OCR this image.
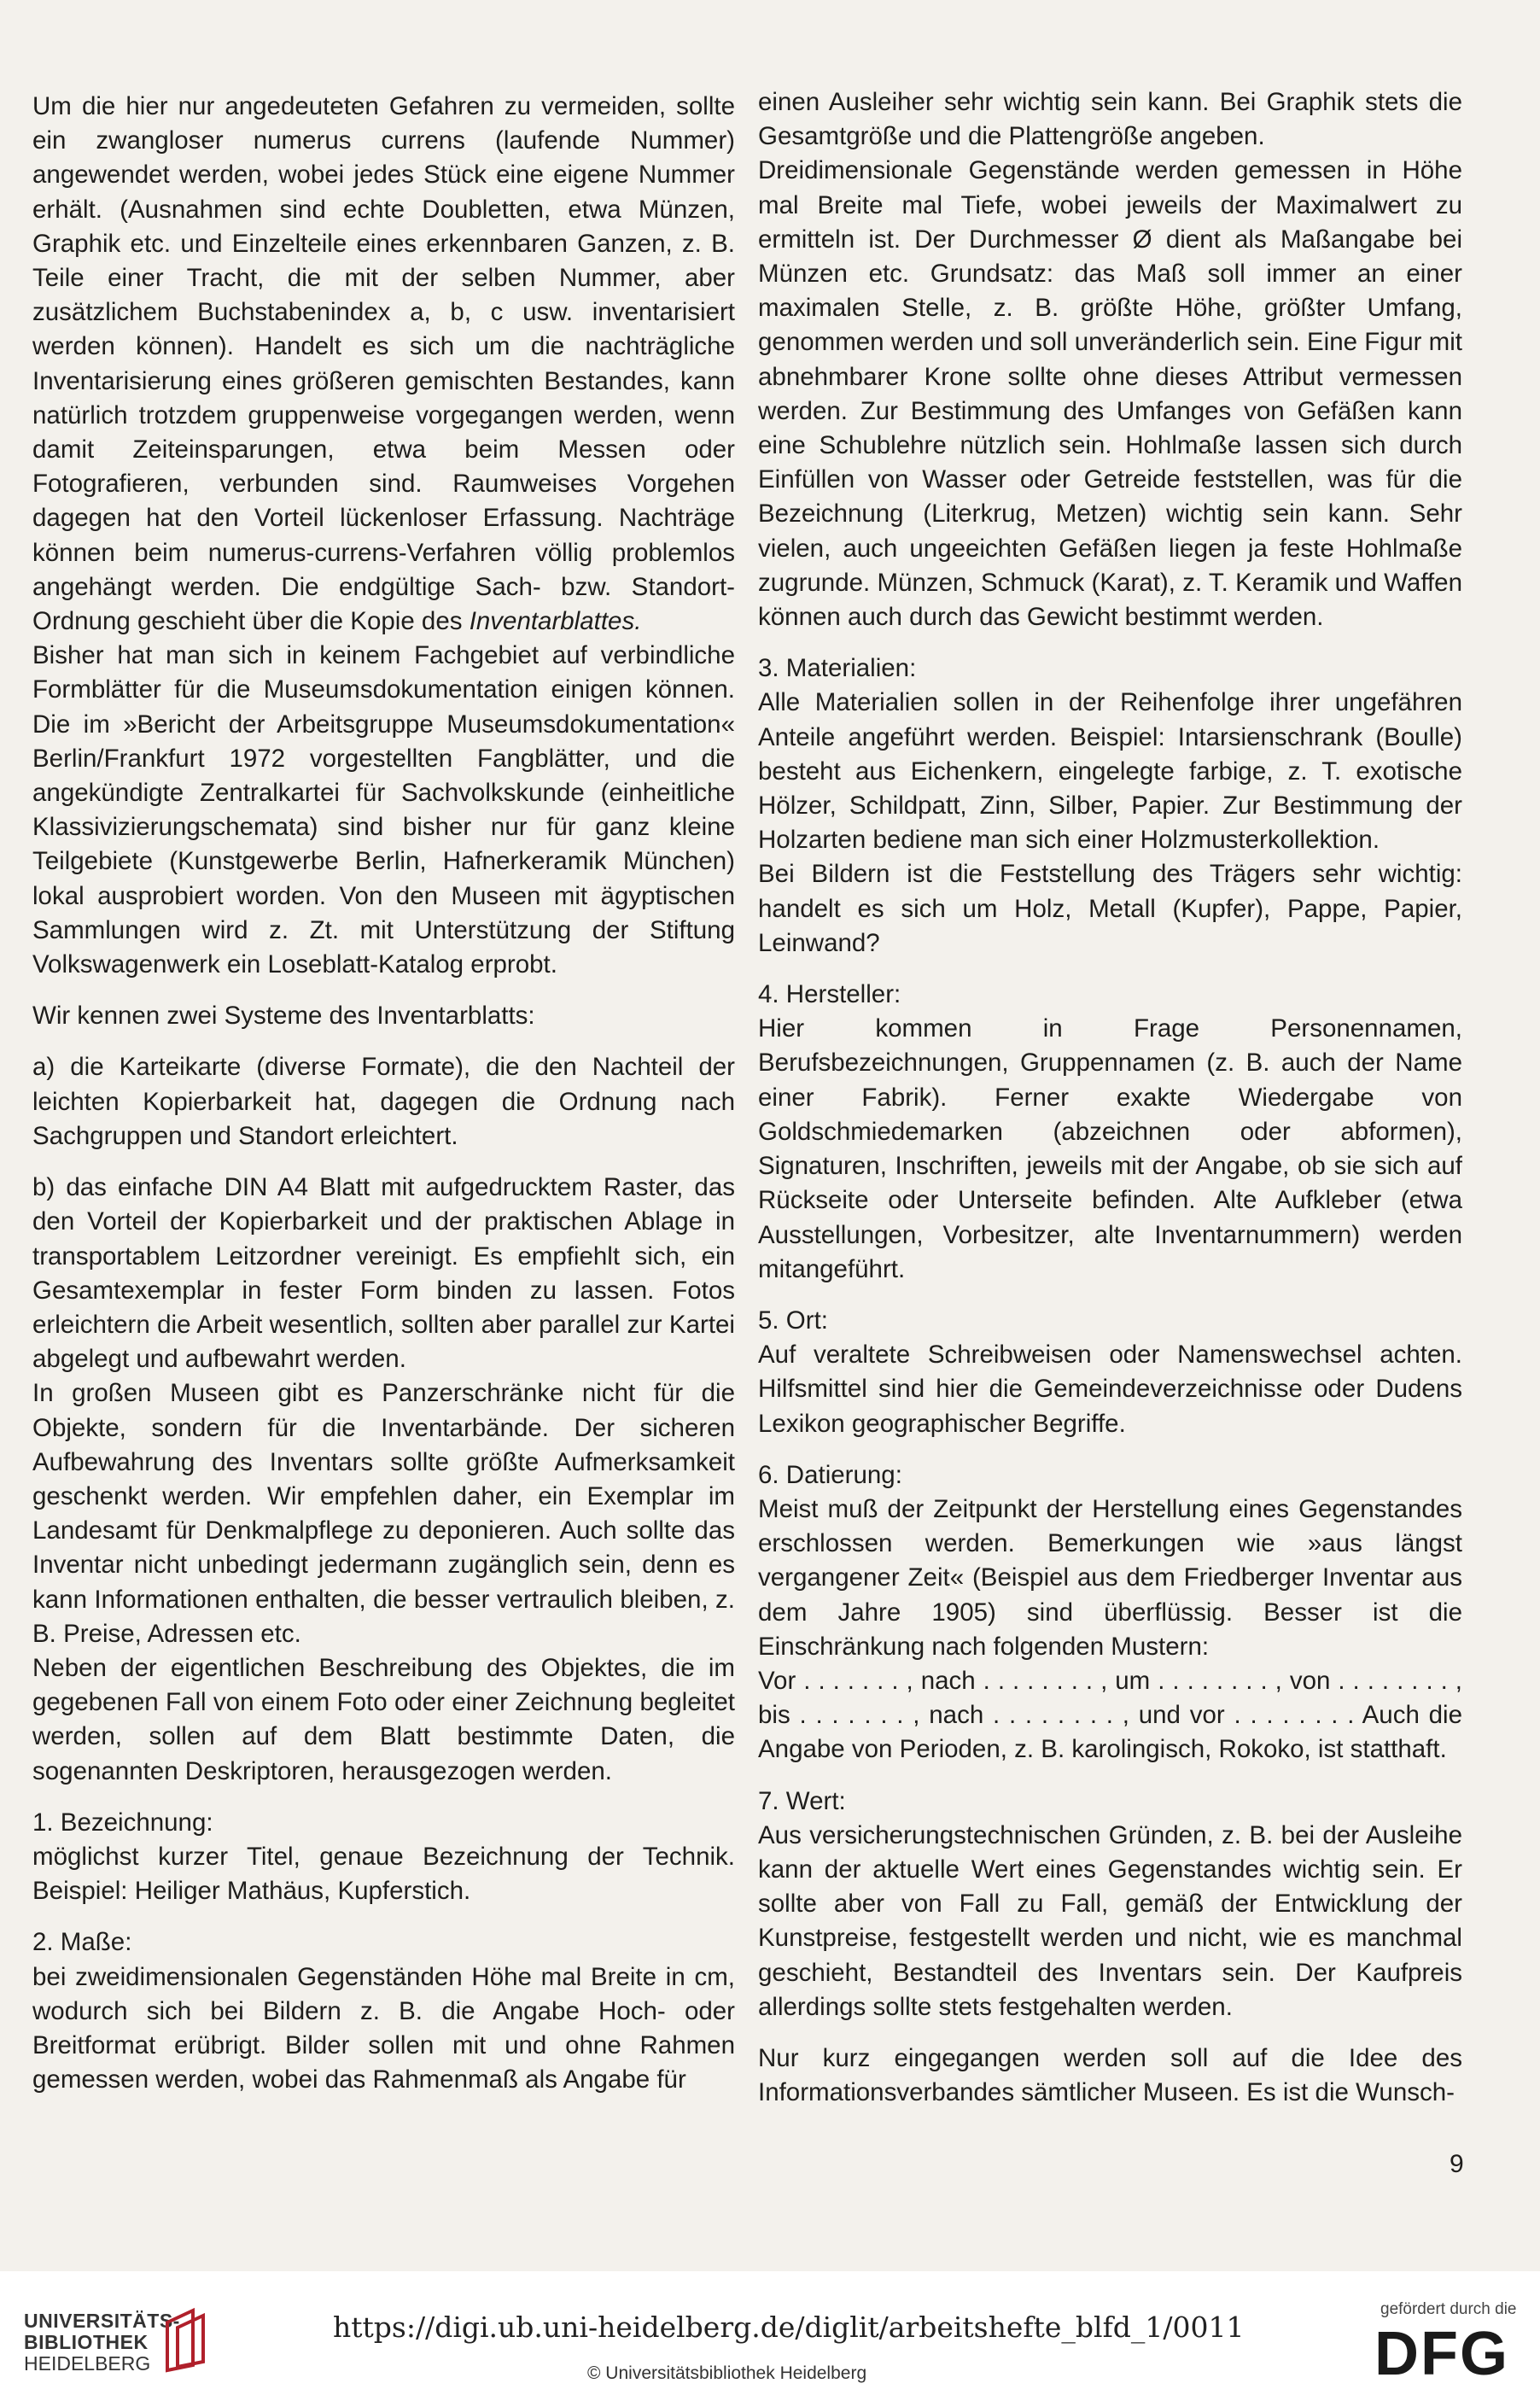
Um die hier nur angedeuteten Gefahren zu vermeiden, sollte ein zwangloser numerus currens (laufende Nummer) angewendet werden, wobei jedes Stück eine eigene Nummer erhält. (Ausnahmen sind echte Doubletten, etwa Münzen, Graphik etc. und Einzelteile eines erkennbaren Ganzen, z. B. Teile einer Tracht, die mit der selben Nummer, aber zusätzlichem Buchstabenindex a, b, c usw. inventarisiert werden können). Handelt es sich um die nachträgliche Inventarisierung eines größeren gemischten Bestandes, kann natürlich trotzdem gruppenweise vorgegangen werden, wenn damit Zeiteinsparungen, etwa beim Messen oder Fotografieren, verbunden sind. Raumweises Vorgehen dagegen hat den Vorteil lückenloser Erfassung. Nachträge können beim numerus-currens-Verfahren völlig problemlos angehängt werden. Die endgültige Sach- bzw. Standort-Ordnung geschieht über die Kopie des Inventarblattes.

Bisher hat man sich in keinem Fachgebiet auf verbindliche Formblätter für die Museumsdokumentation einigen können. Die im »Bericht der Arbeitsgruppe Museumsdokumentation« Berlin/Frankfurt 1972 vorgestellten Fangblätter, und die angekündigte Zentralkartei für Sachvolkskunde (einheitliche Klassivizierungschemata) sind bisher nur für ganz kleine Teilgebiete (Kunstgewerbe Berlin, Hafnerkeramik München) lokal ausprobiert worden. Von den Museen mit ägyptischen Sammlungen wird z. Zt. mit Unterstützung der Stiftung Volkswagenwerk ein Loseblatt-Katalog erprobt.

Wir kennen zwei Systeme des Inventarblatts:

a) die Karteikarte (diverse Formate), die den Nachteil der leichten Kopierbarkeit hat, dagegen die Ordnung nach Sachgruppen und Standort erleichtert.

b) das einfache DIN A4 Blatt mit aufgedrucktem Raster, das den Vorteil der Kopierbarkeit und der praktischen Ablage in transportablem Leitzordner vereinigt. Es empfiehlt sich, ein Gesamtexemplar in fester Form binden zu lassen. Fotos erleichtern die Arbeit wesentlich, sollten aber parallel zur Kartei abgelegt und aufbewahrt werden.

In großen Museen gibt es Panzerschränke nicht für die Objekte, sondern für die Inventarbände. Der sicheren Aufbewahrung des Inventars sollte größte Aufmerksamkeit geschenkt werden. Wir empfehlen daher, ein Exemplar im Landesamt für Denkmalpflege zu deponieren. Auch sollte das Inventar nicht unbedingt jedermann zugänglich sein, denn es kann Informationen enthalten, die besser vertraulich bleiben, z. B. Preise, Adressen etc.

Neben der eigentlichen Beschreibung des Objektes, die im gegebenen Fall von einem Foto oder einer Zeichnung begleitet werden, sollen auf dem Blatt bestimmte Daten, die sogenannten Deskriptoren, herausgezogen werden.

1. Bezeichnung:

möglichst kurzer Titel, genaue Bezeichnung der Technik. Beispiel: Heiliger Mathäus, Kupferstich.

2. Maße:

bei zweidimensionalen Gegenständen Höhe mal Breite in cm, wodurch sich bei Bildern z. B. die Angabe Hoch- oder Breitformat erübrigt. Bilder sollen mit und ohne Rahmen gemessen werden, wobei das Rahmenmaß als Angabe für

einen Ausleiher sehr wichtig sein kann. Bei Graphik stets die Gesamtgröße und die Plattengröße angeben.

Dreidimensionale Gegenstände werden gemessen in Höhe mal Breite mal Tiefe, wobei jeweils der Maximalwert zu ermitteln ist. Der Durchmesser Ø dient als Maßangabe bei Münzen etc. Grundsatz: das Maß soll immer an einer maximalen Stelle, z. B. größte Höhe, größter Umfang, genommen werden und soll unveränderlich sein. Eine Figur mit abnehmbarer Krone sollte ohne dieses Attribut vermessen werden. Zur Bestimmung des Umfanges von Gefäßen kann eine Schublehre nützlich sein. Hohlmaße lassen sich durch Einfüllen von Wasser oder Getreide feststellen, was für die Bezeichnung (Literkrug, Metzen) wichtig sein kann. Sehr vielen, auch ungeeichten Gefäßen liegen ja feste Hohlmaße zugrunde. Münzen, Schmuck (Karat), z. T. Keramik und Waffen können auch durch das Gewicht bestimmt werden.

3. Materialien:

Alle Materialien sollen in der Reihenfolge ihrer ungefähren Anteile angeführt werden. Beispiel: Intarsienschrank (Boulle) besteht aus Eichenkern, eingelegte farbige, z. T. exotische Hölzer, Schildpatt, Zinn, Silber, Papier. Zur Bestimmung der Holzarten bediene man sich einer Holzmusterkollektion.

Bei Bildern ist die Feststellung des Trägers sehr wichtig: handelt es sich um Holz, Metall (Kupfer), Pappe, Papier, Leinwand?

4. Hersteller:

Hier kommen in Frage Personennamen, Berufsbezeichnungen, Gruppennamen (z. B. auch der Name einer Fabrik). Ferner exakte Wiedergabe von Goldschmiedemarken (abzeichnen oder abformen), Signaturen, Inschriften, jeweils mit der Angabe, ob sie sich auf Rückseite oder Unterseite befinden. Alte Aufkleber (etwa Ausstellungen, Vorbesitzer, alte Inventarnummern) werden mitangeführt.

5. Ort:

Auf veraltete Schreibweisen oder Namenswechsel achten. Hilfsmittel sind hier die Gemeindeverzeichnisse oder Dudens Lexikon geographischer Begriffe.

6. Datierung:

Meist muß der Zeitpunkt der Herstellung eines Gegenstandes erschlossen werden. Bemerkungen wie »aus längst vergangener Zeit« (Beispiel aus dem Friedberger Inventar aus dem Jahre 1905) sind überflüssig. Besser ist die Einschränkung nach folgenden Mustern:

Vor . . . . . . . , nach . . . . . . . . , um . . . . . . . . , von . . . . . . . . , bis . . . . . . . , nach . . . . . . . . , und vor . . . . . . . . Auch die Angabe von Perioden, z. B. karolingisch, Rokoko, ist statthaft.

7. Wert:

Aus versicherungstechnischen Gründen, z. B. bei der Ausleihe kann der aktuelle Wert eines Gegenstandes wichtig sein. Er sollte aber von Fall zu Fall, gemäß der Entwicklung der Kunstpreise, festgestellt werden und nicht, wie es manchmal geschieht, Bestandteil des Inventars sein. Der Kaufpreis allerdings sollte stets festgehalten werden.

Nur kurz eingegangen werden soll auf die Idee des Informationsverbandes sämtlicher Museen. Es ist die Wunsch-

9
UNIVERSITÄTS-
BIBLIOTHEK
HEIDELBERG
https://digi.ub.uni-heidelberg.de/diglit/arbeitshefte_blfd_1/0011
© Universitätsbibliothek Heidelberg
gefördert durch die
DFG
